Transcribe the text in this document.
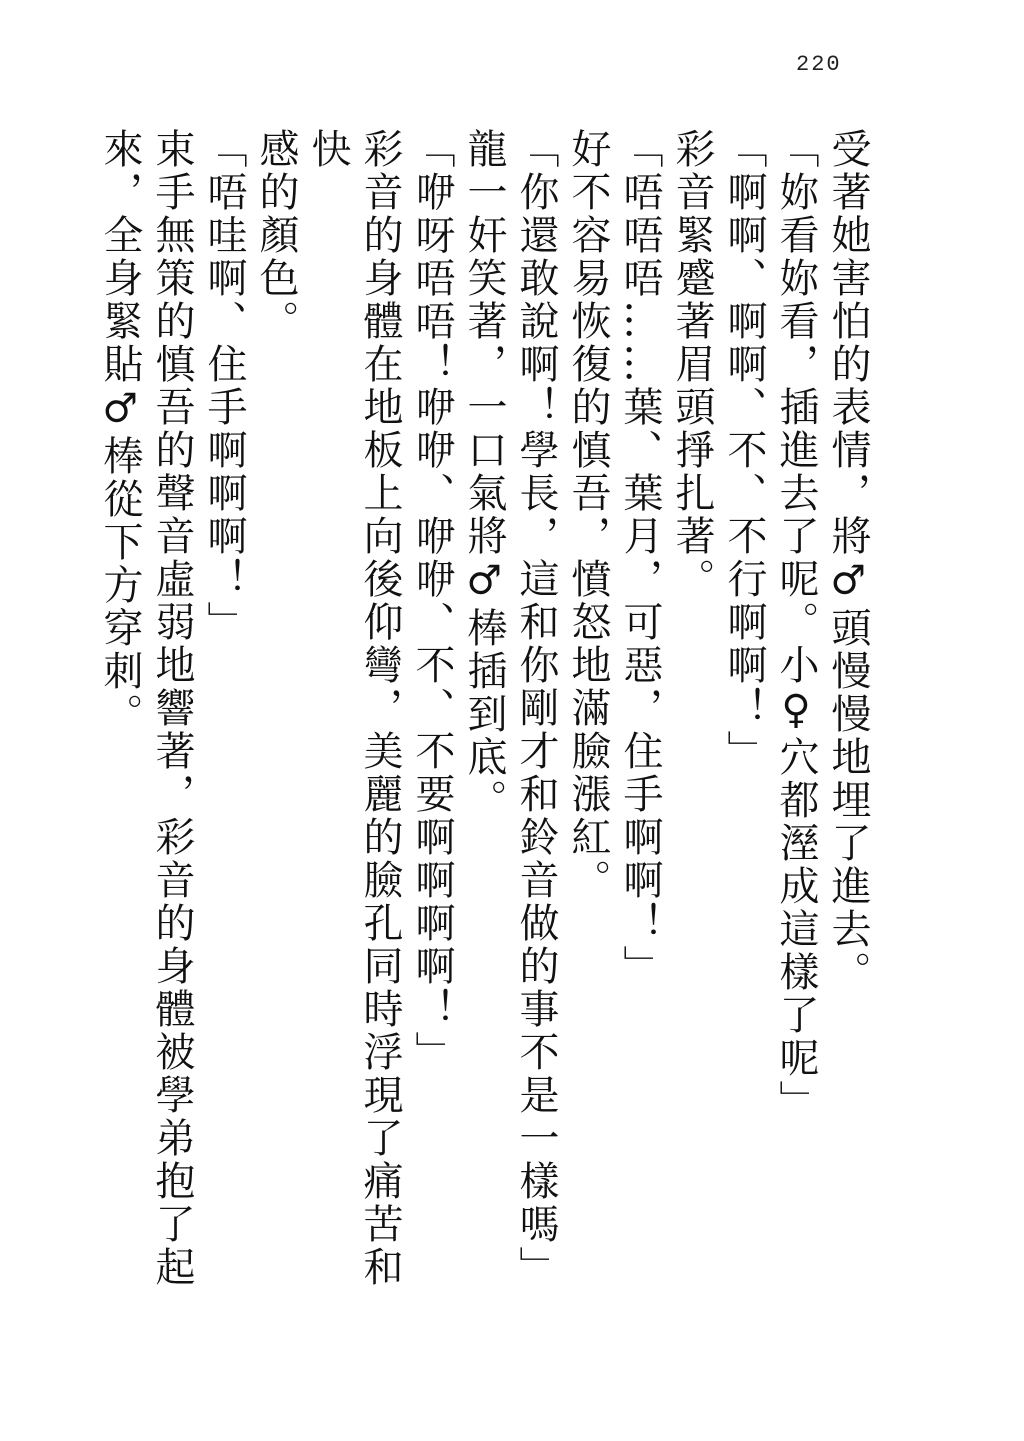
220

受著她害怕的表情，將♂頭慢慢地埋了進去。

「妳看妳看，插進去了呢。小♀穴都溼成這樣了呢」

「啊啊、啊啊、不、不行啊啊！」

彩音緊蹙著眉頭掙扎著。

「唔唔唔……葉、葉月，可惡，住手啊啊！」

好不容易恢復的慎吾，憤怒地滿臉漲紅。

「你還敢說啊！學長，這和你剛才和鈴音做的事不是一樣嗎」

龍一奸笑著，一口氣將♂棒插到底。

「咿呀唔唔！咿咿、咿咿、不、不要啊啊啊啊！」

彩音的身體在地板上向後仰彎，美麗的臉孔同時浮現了痛苦和快

感的顏色。

「唔哇啊、住手啊啊啊！」

束手無策的慎吾的聲音虛弱地響著，彩音的身體被學弟抱了起

來，全身緊貼♂棒從下方穿刺。
